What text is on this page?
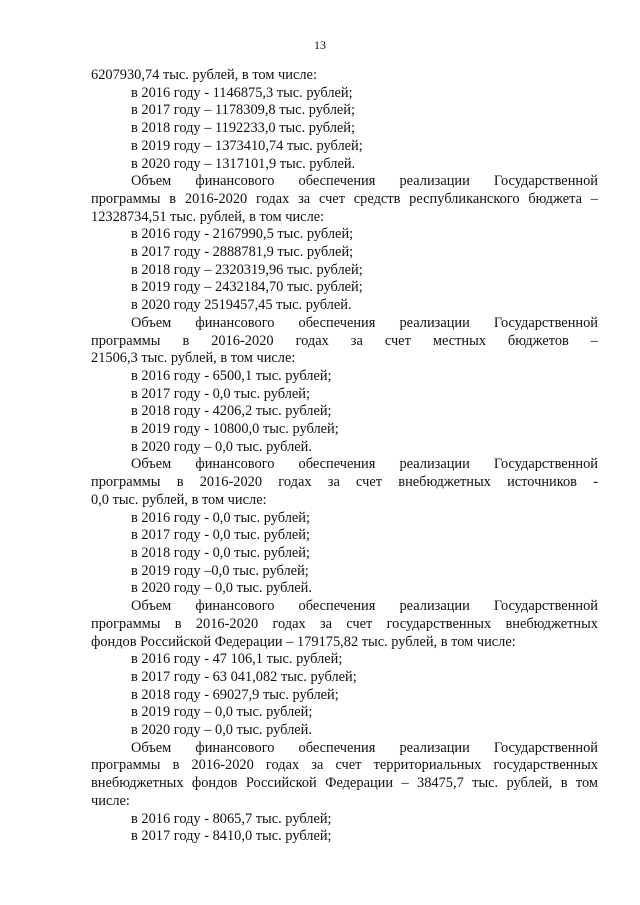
13

6207930,74 тыс. рублей, в том числе:

в 2016 году - 1146875,3 тыс. рублей;

в 2017 году – 1178309,8 тыс. рублей;

в 2018 году – 1192233,0 тыс. рублей;

в 2019 году – 1373410,74 тыс. рублей;

в 2020 году – 1317101,9 тыс. рублей.

Объем финансового обеспечения реализации Государственной

программы в 2016-2020 годах за счет средств республиканского бюджета –

12328734,51 тыс. рублей, в том числе:

в 2016 году - 2167990,5 тыс. рублей;

в 2017 году - 2888781,9 тыс. рублей;

в 2018 году – 2320319,96 тыс. рублей;

в 2019 году – 2432184,70 тыс. рублей;

в 2020 году 2519457,45 тыс. рублей.

Объем финансового обеспечения реализации Государственной

программы в 2016-2020 годах за счет местных бюджетов –

21506,3 тыс. рублей, в том числе:

в 2016 году - 6500,1 тыс. рублей;

в 2017 году - 0,0 тыс. рублей;

в 2018 году - 4206,2 тыс. рублей;

в 2019 году - 10800,0 тыс. рублей;

в 2020 году – 0,0 тыс. рублей.

Объем финансового обеспечения реализации Государственной

программы в 2016-2020 годах за счет внебюджетных источников -

0,0 тыс. рублей, в том числе:

в 2016 году - 0,0 тыс. рублей;

в 2017 году - 0,0 тыс. рублей;

в 2018 году - 0,0 тыс. рублей;

в 2019 году –0,0 тыс. рублей;

в 2020 году – 0,0 тыс. рублей.

Объем финансового обеспечения реализации Государственной

программы в 2016-2020 годах за счет государственных внебюджетных

фондов Российской Федерации – 179175,82 тыс. рублей, в том числе:

в 2016 году - 47 106,1 тыс. рублей;

в 2017 году - 63 041,082 тыс. рублей;

в 2018 году - 69027,9 тыс. рублей;

в 2019 году – 0,0 тыс. рублей;

в 2020 году – 0,0 тыс. рублей.

Объем финансового обеспечения реализации Государственной

программы в 2016-2020 годах за счет территориальных государственных

внебюджетных фондов Российской Федерации – 38475,7 тыс. рублей, в том

числе:

в 2016 году - 8065,7 тыс. рублей;

в 2017 году - 8410,0 тыс. рублей;
